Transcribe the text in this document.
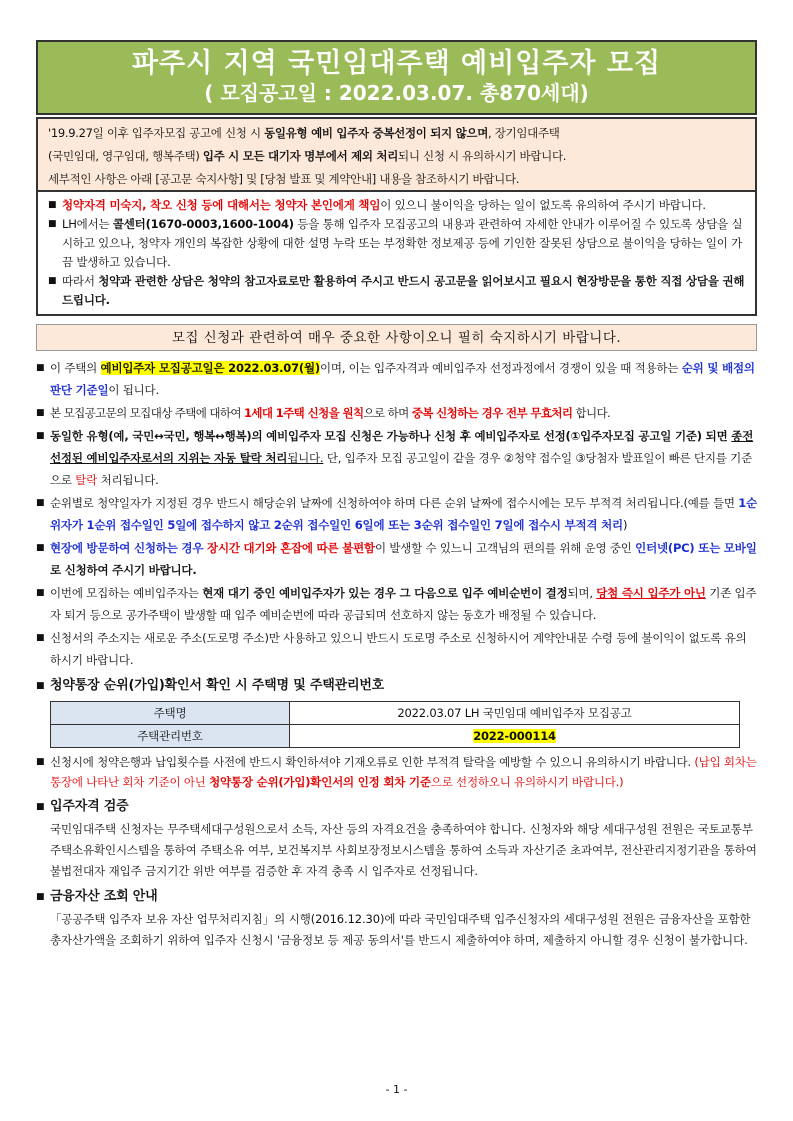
파주시 지역 국민임대주택 예비입주자 모집
( 모집공고일 : 2022.03.07. 총870세대)
'19.9.27일 이후 입주자모집 공고에 신청 시 동일유형 예비 입주자 중복선정이 되지 않으며, 장기임대주택
(국민임대, 영구임대, 행복주택) 입주 시 모든 대기자 명부에서 제외 처리되니 신청 시 유의하시기 바랍니다.
세부적인 사항은 아래 [공고문 숙지사항] 및 [당첨 발표 및 계약안내] 내용을 참조하시기 바랍니다.
■ 청약자격 미숙지, 착오 신청 등에 대해서는 청약자 본인에게 책임이 있으니 불이익을 당하는 일이 없도록 유의하여 주시기 바랍니다.
■ LH에서는 콜센터(1670-0003,1600-1004) 등을 통해 입주자 모집공고의 내용과 관련하여 자세한 안내가 이루어질 수 있도록 상담을 실시하고 있으나, 청약자 개인의 복잡한 상황에 대한 설명 누락 또는 부정확한 정보제공 등에 기인한 잘못된 상담으로 불이익을 당하는 일이 가끔 발생하고 있습니다.
■ 따라서 청약과 관련한 상담은 청약의 참고자료로만 활용하여 주시고 반드시 공고문을 읽어보시고 필요시 현장방문을 통한 직접 상담을 권해드립니다.
모집 신청과 관련하여 매우 중요한 사항이오니 필히 숙지하시기 바랍니다.
■ 이 주택의 예비입주자 모집공고일은 2022.03.07(월)이며, 이는 입주자격과 예비입주자 선정과정에서 경쟁이 있을 때 적용하는 순위 및 배점의 판단 기준일이 됩니다.
■ 본 모집공고문의 모집대상 주택에 대하여 1세대 1주택 신청을 원칙으로 하며 중복 신청하는 경우 전부 무효처리 합니다.
■ 동일한 유형(예, 국민↔국민, 행복↔행복)의 예비입주자 모집 신청은 가능하나 신청 후 예비입주자로 선정(①입주자모집 공고일 기준) 되면 종전 선정된 예비입주자로서의 지위는 자동 탈락 처리됩니다. 단, 입주자 모집 공고일이 같을 경우 ②청약 접수일 ③당첨자 발표일이 빠른 단지를 기준으로 탈락 처리됩니다.
■ 순위별로 청약일자가 지정된 경우 반드시 해당순위 날짜에 신청하여야 하며 다른 순위 날짜에 접수시에는 모두 부적격 처리됩니다.(예를 들면 1순위자가 1순위 접수일인 5일에 접수하지 않고 2순위 접수일인 6일에 또는 3순위 접수일인 7일에 접수시 부적격 처리)
■ 현장에 방문하여 신청하는 경우 장시간 대기와 혼잡에 따른 불편함이 발생할 수 있느니 고객님의 편의를 위해 운영 중인 인터넷(PC) 또는 모바일로 신청하여 주시기 바랍니다.
■ 이번에 모집하는 예비입주자는 현재 대기 중인 예비입주자가 있는 경우 그 다음으로 입주 예비순번이 결정되며, 당첨 즉시 입주가 아닌 기존 입주자 퇴거 등으로 공가주택이 발생할 때 입주 예비순번에 따라 공급되며 선호하지 않는 동호가 배정될 수 있습니다.
■ 신청서의 주소지는 새로운 주소(도로명 주소)만 사용하고 있으니 반드시 도로명 주소로 신청하시어 계약안내문 수령 등에 불이익이 없도록 유의하시기 바랍니다.
■ 청약통장 순위(가입)확인서 확인 시 주택명 및 주택관리번호
주택명	2022.03.07 LH 국민임대 예비입주자 모집공고
주택관리번호	2022-000114
■ 신청시에 청약은행과 납입횟수를 사전에 반드시 확인하셔야 기재오류로 인한 부적격 탈락을 예방할 수 있으니 유의하시기 바랍니다. (납입 회차는 통장에 나타난 회차 기준이 아닌 청약통장 순위(가입)확인서의 인정 회차 기준으로 선정하오니 유의하시기 바랍니다.)
■ 입주자격 검증
국민임대주택 신청자는 무주택세대구성원으로서 소득, 자산 등의 자격요건을 충족하여야 합니다. 신청자와 해당 세대구성원 전원은 국토교통부 주택소유확인시스템을 통하여 주택소유 여부, 보건복지부 사회보장정보시스템을 통하여 소득과 자산기준 초과여부, 전산관리지정기관을 통하여 불법전대자 재입주 금지기간 위반 여부를 검증한 후 자격 충족 시 입주자로 선정됩니다.
■ 금융자산 조회 안내
「공공주택 입주자 보유 자산 업무처리지침」의 시행(2016.12.30)에 따라 국민임대주택 입주신청자의 세대구성원 전원은 금융자산을 포함한 총자산가액을 조회하기 위하여 입주자 신청시 '금융정보 등 제공 동의서'를 반드시 제출하여야 하며, 제출하지 아니할 경우 신청이 불가합니다.
- 1 -
